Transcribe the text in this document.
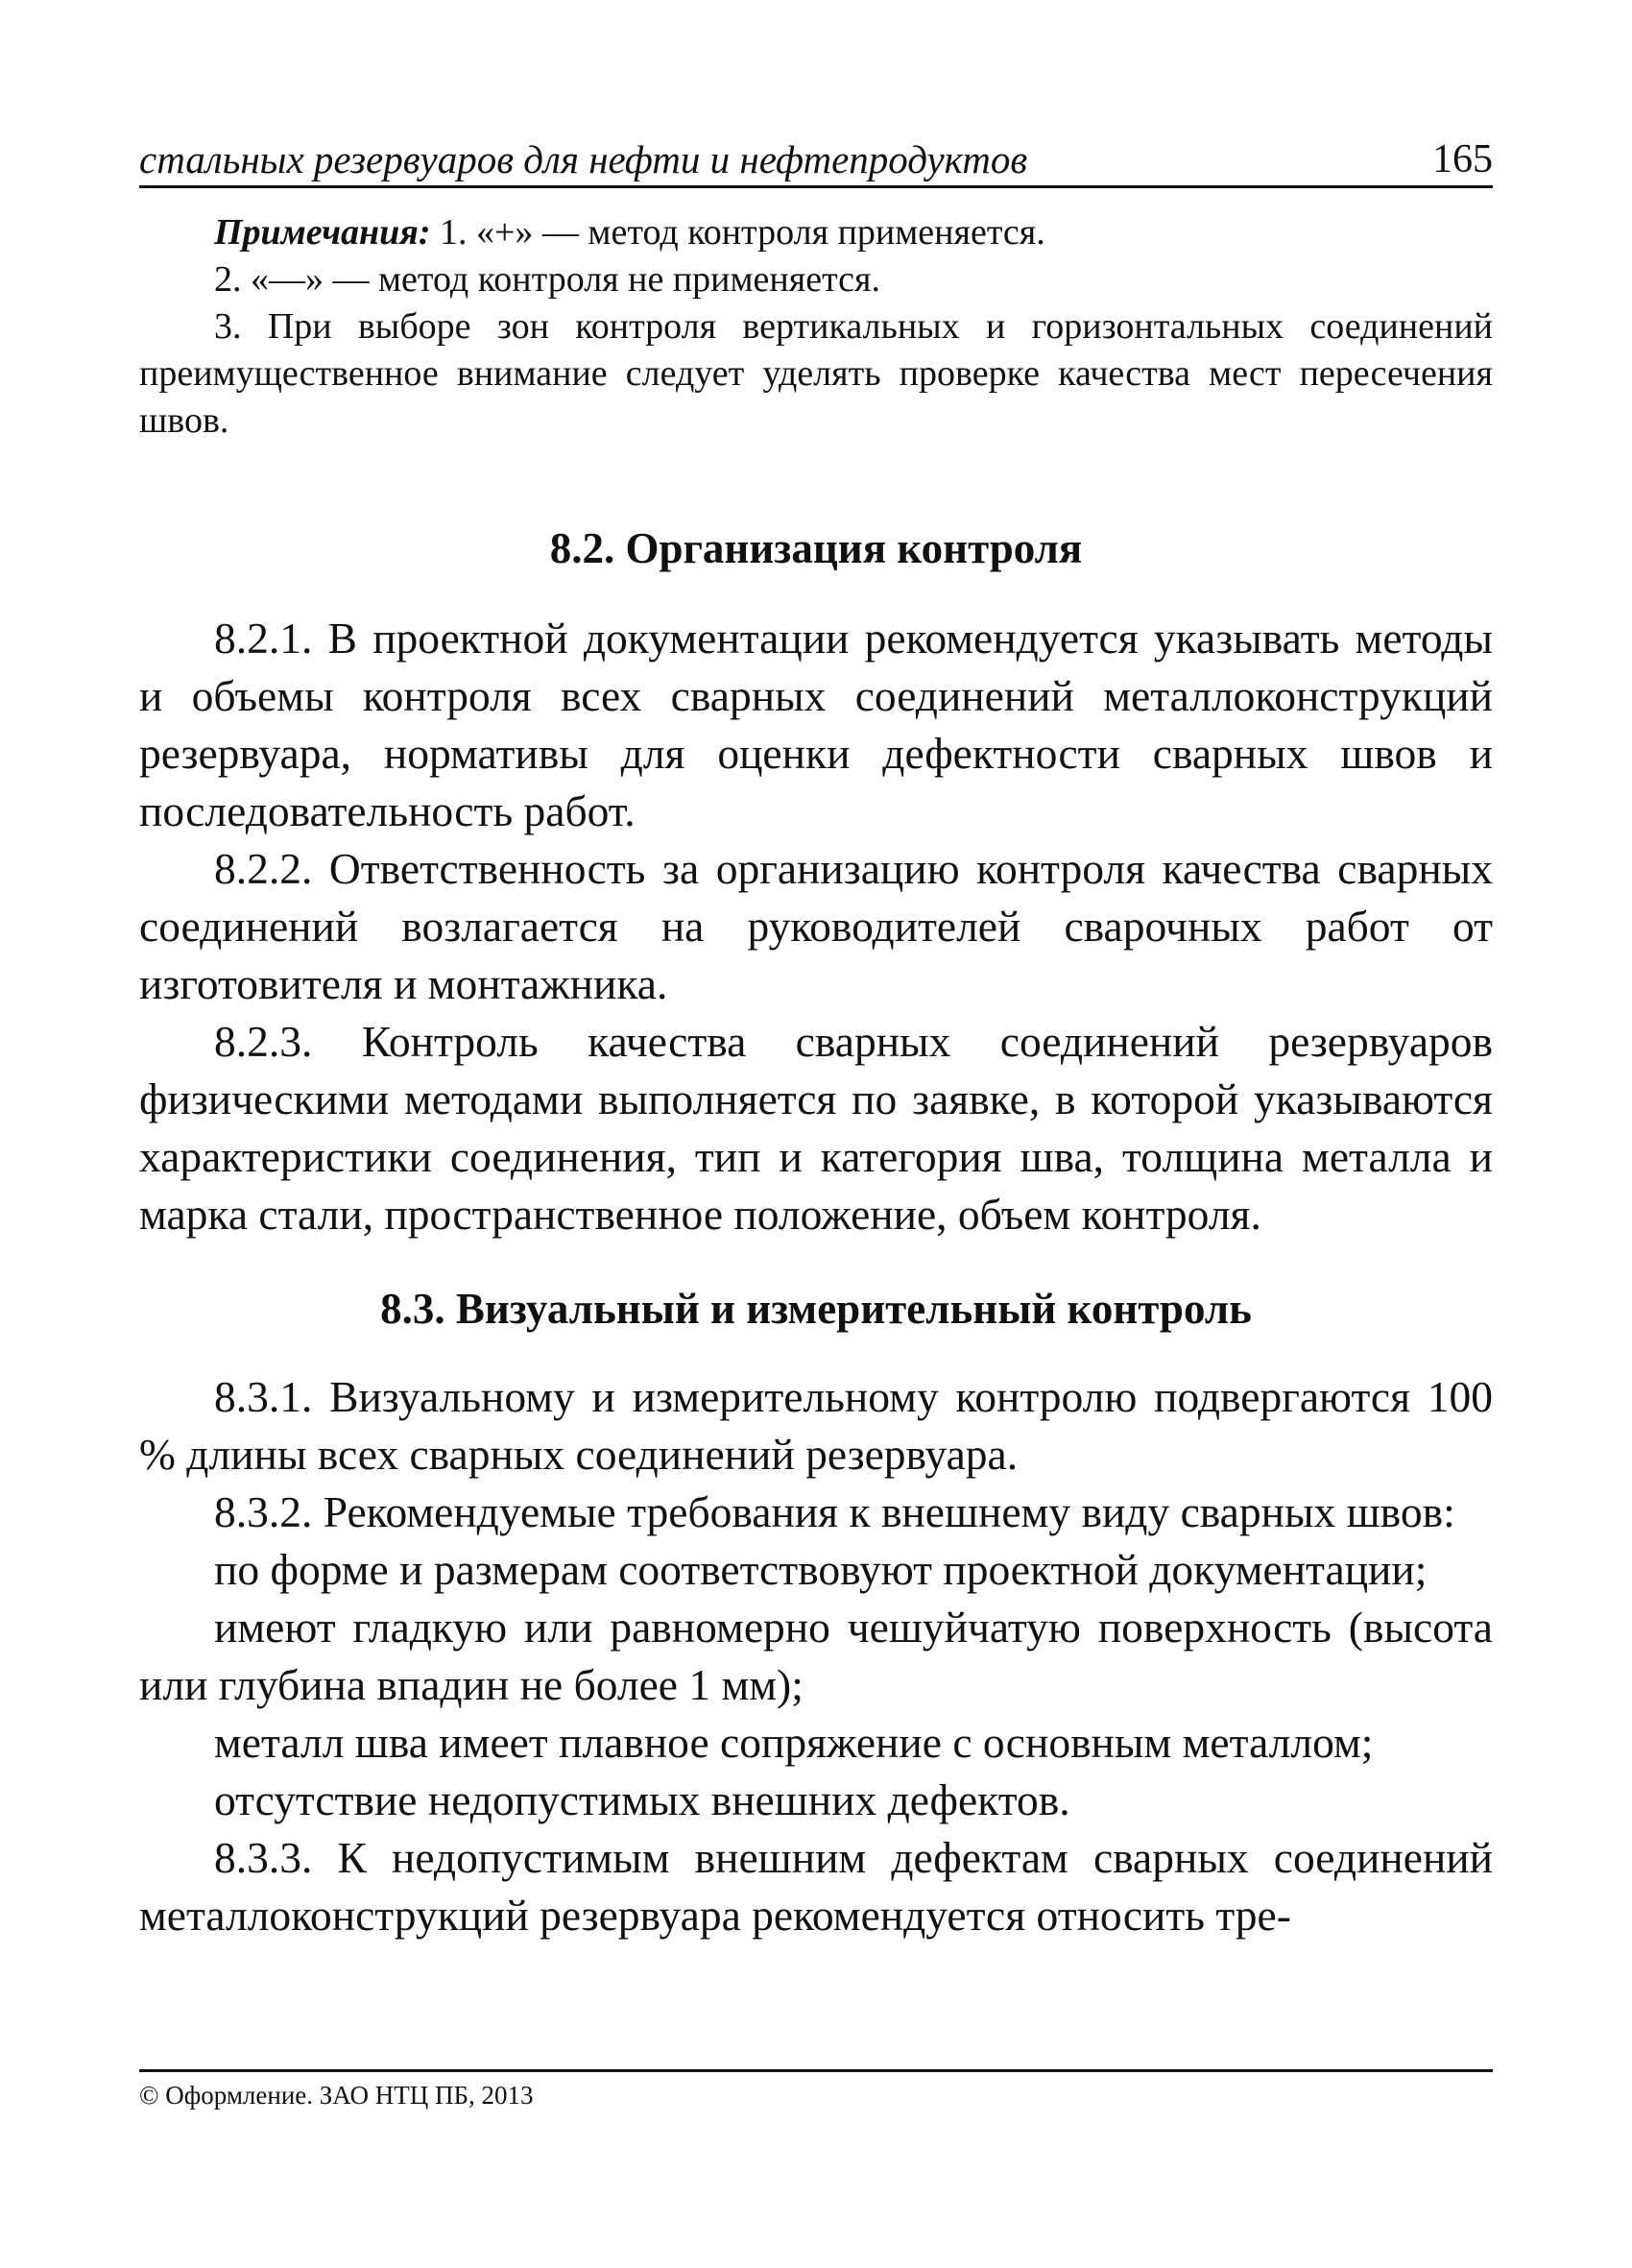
стальных резервуаров для нефти и нефтепродуктов	165

Примечания: 1. «+» — метод контроля применяется.

2. «—» — метод контроля не применяется.

3. При выборе зон контроля вертикальных и горизонтальных соединений преимущественное внимание следует уделять проверке качества мест пересечения швов.

8.2. Организация контроля

8.2.1. В проектной документации рекомендуется указывать методы и объемы контроля всех сварных соединений металлоконструкций резервуара, нормативы для оценки дефектности сварных швов и последовательность работ.

8.2.2. Ответственность за организацию контроля качества сварных соединений возлагается на руководителей сварочных работ от изготовителя и монтажника.

8.2.3. Контроль качества сварных соединений резервуаров физическими методами выполняется по заявке, в которой указываются характеристики соединения, тип и категория шва, толщина металла и марка стали, пространственное положение, объем контроля.

8.3. Визуальный и измерительный контроль

8.3.1. Визуальному и измерительному контролю подвергаются 100 % длины всех сварных соединений резервуара.

8.3.2. Рекомендуемые требования к внешнему виду сварных швов:

по форме и размерам соответствовуют проектной документации;

имеют гладкую или равномерно чешуйчатую поверхность (высота или глубина впадин не более 1 мм);

металл шва имеет плавное сопряжение с основным металлом;

отсутствие недопустимых внешних дефектов.

8.3.3. К недопустимым внешним дефектам сварных соединений металлоконструкций резервуара рекомендуется относить тре-

© Оформление. ЗАО НТЦ ПБ, 2013
